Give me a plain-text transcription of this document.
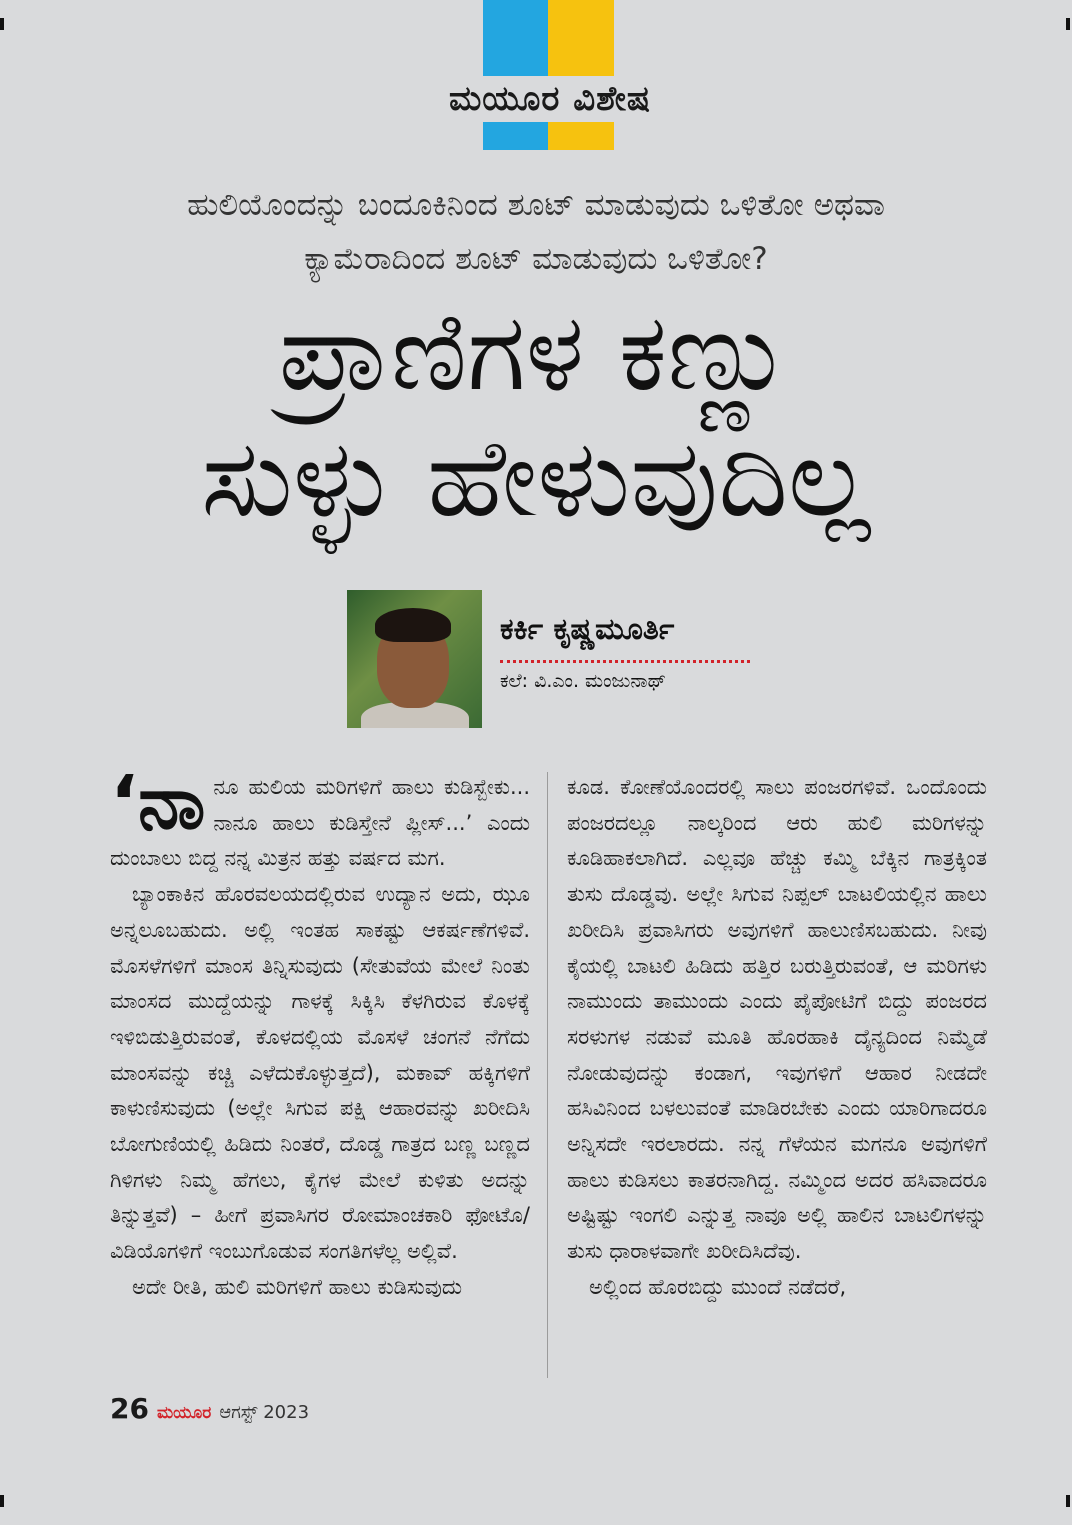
ಮಯೂರ ವಿಶೇಷ
ಹುಲಿಯೊಂದನ್ನು ಬಂದೂಕಿನಿಂದ ಶೂಟ್ ಮಾಡುವುದು ಒಳಿತೋ ಅಥವಾ
ಕ್ಯಾಮೆರಾದಿಂದ ಶೂಟ್ ಮಾಡುವುದು ಒಳಿತೋ?
ಪ್ರಾಣಿಗಳ ಕಣ್ಣು
ಸುಳ್ಳು ಹೇಳುವುದಿಲ್ಲ
ಕರ್ಕಿ ಕೃಷ್ಣಮೂರ್ತಿ
ಕಲೆ: ವಿ.ಎಂ. ಮಂಜುನಾಥ್

‘ನಾನೂ ಹುಲಿಯ ಮರಿಗಳಿಗೆ ಹಾಲು ಕುಡಿಸ್ಬೇಕು... ನಾನೂ ಹಾಲು ಕುಡಿಸ್ತೇನೆ ಪ್ಲೀಸ್...’ ಎಂದು ದುಂಬಾಲು ಬಿದ್ದ ನನ್ನ ಮಿತ್ರನ ಹತ್ತು ವರ್ಷದ ಮಗ.

ಬ್ಯಾಂಕಾಕಿನ ಹೊರವಲಯದಲ್ಲಿರುವ ಉದ್ಯಾನ ಅದು, ಝೂ ಅನ್ನಲೂಬಹುದು. ಅಲ್ಲಿ ಇಂತಹ ಸಾಕಷ್ಟು ಆಕರ್ಷಣೆಗಳಿವೆ. ಮೊಸಳೆಗಳಿಗೆ ಮಾಂಸ ತಿನ್ನಿಸುವುದು (ಸೇತುವೆಯ ಮೇಲೆ ನಿಂತು ಮಾಂಸದ ಮುದ್ದೆಯನ್ನು ಗಾಳಕ್ಕೆ ಸಿಕ್ಕಿಸಿ ಕೆಳಗಿರುವ ಕೊಳಕ್ಕೆ ಇಳಿಬಿಡುತ್ತಿರುವಂತೆ, ಕೊಳದಲ್ಲಿಯ ಮೊಸಳೆ ಚಂಗನೆ ನೆಗೆದು ಮಾಂಸವನ್ನು ಕಚ್ಚಿ ಎಳೆದುಕೊಳ್ಳುತ್ತದೆ), ಮಕಾವ್ ಹಕ್ಕಿಗಳಿಗೆ ಕಾಳುಣಿಸುವುದು (ಅಲ್ಲೇ ಸಿಗುವ ಪಕ್ಷಿ ಆಹಾರವನ್ನು ಖರೀದಿಸಿ ಬೋಗುಣಿಯಲ್ಲಿ ಹಿಡಿದು ನಿಂತರೆ, ದೊಡ್ಡ ಗಾತ್ರದ ಬಣ್ಣ ಬಣ್ಣದ ಗಿಳಿಗಳು ನಿಮ್ಮ ಹೆಗಲು, ಕೈಗಳ ಮೇಲೆ ಕುಳಿತು ಅದನ್ನು ತಿನ್ನುತ್ತವೆ) – ಹೀಗೆ ಪ್ರವಾಸಿಗರ ರೋಮಾಂಚಕಾರಿ ಫೋಟೊ/ವಿಡಿಯೊಗಳಿಗೆ ಇಂಬುಗೊಡುವ ಸಂಗತಿಗಳೆಲ್ಲ ಅಲ್ಲಿವೆ.

ಅದೇ ರೀತಿ, ಹುಲಿ ಮರಿಗಳಿಗೆ ಹಾಲು ಕುಡಿಸುವುದು

ಕೂಡ. ಕೋಣೆಯೊಂದರಲ್ಲಿ ಸಾಲು ಪಂಜರಗಳಿವೆ. ಒಂದೊಂದು ಪಂಜರದಲ್ಲೂ ನಾಲ್ಕರಿಂದ ಆರು ಹುಲಿ ಮರಿಗಳನ್ನು ಕೂಡಿಹಾಕಲಾಗಿದೆ. ಎಲ್ಲವೂ ಹೆಚ್ಚು ಕಮ್ಮಿ ಬೆಕ್ಕಿನ ಗಾತ್ರಕ್ಕಿಂತ ತುಸು ದೊಡ್ಡವು. ಅಲ್ಲೇ ಸಿಗುವ ನಿಪ್ಪಲ್ ಬಾಟಲಿಯಲ್ಲಿನ ಹಾಲು ಖರೀದಿಸಿ ಪ್ರವಾಸಿಗರು ಅವುಗಳಿಗೆ ಹಾಲುಣಿಸಬಹುದು. ನೀವು ಕೈಯಲ್ಲಿ ಬಾಟಲಿ ಹಿಡಿದು ಹತ್ತಿರ ಬರುತ್ತಿರುವಂತೆ, ಆ ಮರಿಗಳು ನಾಮುಂದು ತಾಮುಂದು ಎಂದು ಪೈಪೋಟಿಗೆ ಬಿದ್ದು ಪಂಜರದ ಸರಳುಗಳ ನಡುವೆ ಮೂತಿ ಹೊರಹಾಕಿ ದೈನ್ಯದಿಂದ ನಿಮ್ಮೆಡೆ ನೋಡುವುದನ್ನು ಕಂಡಾಗ, ಇವುಗಳಿಗೆ ಆಹಾರ ನೀಡದೇ ಹಸಿವಿನಿಂದ ಬಳಲುವಂತೆ ಮಾಡಿರಬೇಕು ಎಂದು ಯಾರಿಗಾದರೂ ಅನ್ನಿಸದೇ ಇರಲಾರದು. ನನ್ನ ಗೆಳೆಯನ ಮಗನೂ ಅವುಗಳಿಗೆ ಹಾಲು ಕುಡಿಸಲು ಕಾತರನಾಗಿದ್ದ. ನಮ್ಮಿಂದ ಅದರ ಹಸಿವಾದರೂ ಅಷ್ಟಿಷ್ಟು ಇಂಗಲಿ ಎನ್ನುತ್ತ ನಾವೂ ಅಲ್ಲಿ ಹಾಲಿನ ಬಾಟಲಿಗಳನ್ನು ತುಸು ಧಾರಾಳವಾಗೇ ಖರೀದಿಸಿದೆವು.

ಅಲ್ಲಿಂದ ಹೊರಬಿದ್ದು ಮುಂದೆ ನಡೆದರೆ,

26 ಮಯೂರ ಆಗಸ್ಟ್ 2023
